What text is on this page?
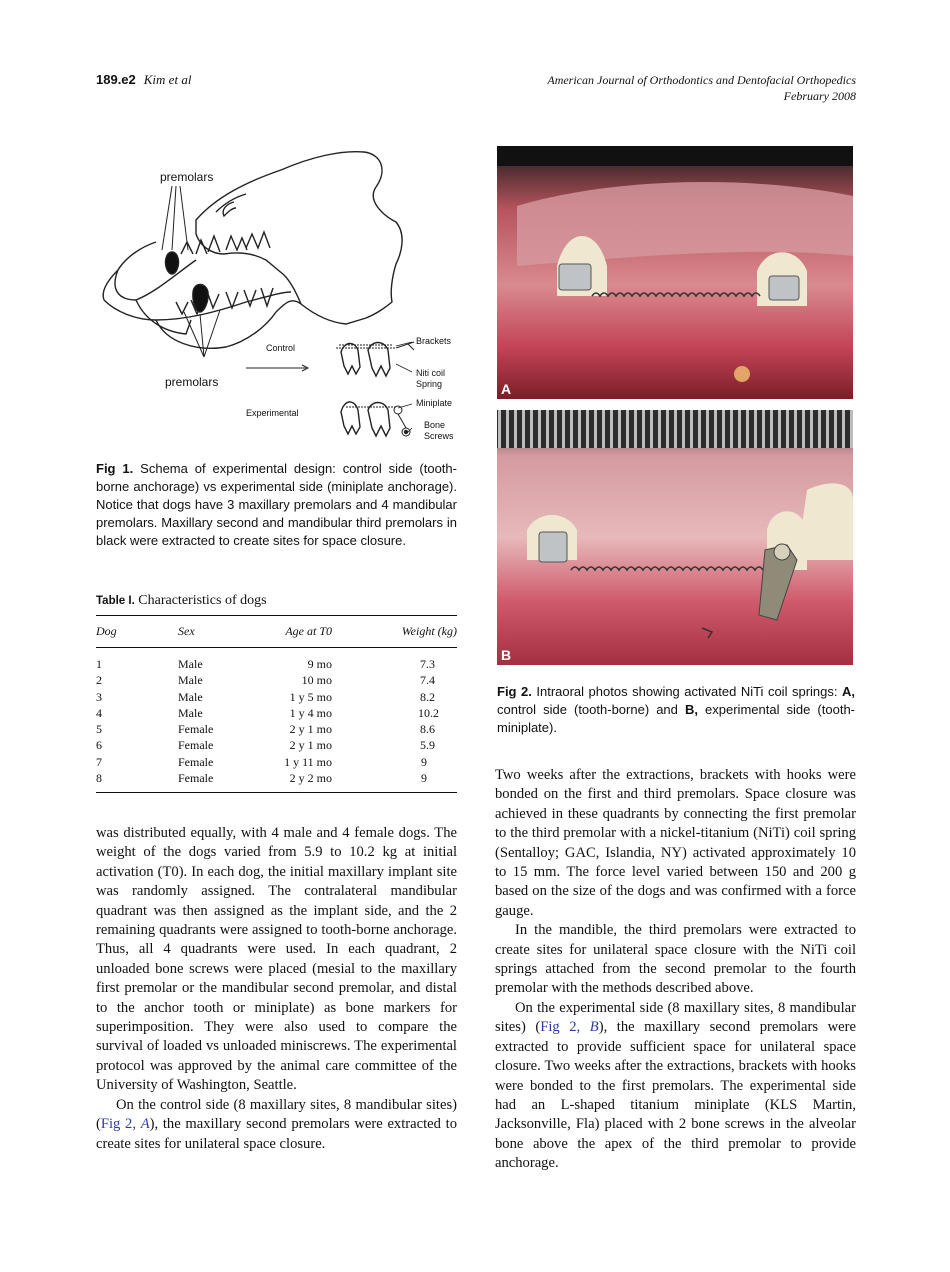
189.e2 Kim et al	American Journal of Orthodontics and Dentofacial Orthopedics
February 2008
premolars
premolars
Control
Experimental
Brackets
Niti coil
Spring
Miniplate
Bone
Screws
Fig 1. Schema of experimental design: control side (tooth-borne anchorage) vs experimental side (miniplate anchorage). Notice that dogs have 3 maxillary premolars and 4 mandibular premolars. Maxillary second and mandibular third premolars in black were extracted to create sites for space closure.
Table I. Characteristics of dogs
Dog	Sex	Age at T0	Weight (kg)
1	Male	9 mo	7.3
2	Male	10 mo	7.4
3	Male	1 y 5 mo	8.2
4	Male	1 y 4 mo	10.2
5	Female	2 y 1 mo	8.6
6	Female	2 y 1 mo	5.9
7	Female	1 y 11 mo	9
8	Female	2 y 2 mo	9

was distributed equally, with 4 male and 4 female dogs. The weight of the dogs varied from 5.9 to 10.2 kg at initial activation (T0). In each dog, the initial maxillary implant site was randomly assigned. The contralateral mandibular quadrant was then assigned as the implant side, and the 2 remaining quadrants were assigned to tooth-borne anchorage. Thus, all 4 quadrants were used. In each quadrant, 2 unloaded bone screws were placed (mesial to the maxillary first premolar or the mandibular second premolar, and distal to the anchor tooth or miniplate) as bone markers for superimposition. They were also used to compare the survival of loaded vs unloaded miniscrews. The experimental protocol was approved by the animal care committee of the University of Washington, Seattle.

On the control side (8 maxillary sites, 8 mandibular sites) (Fig 2, A), the maxillary second premolars were extracted to create sites for unilateral space closure.

A
B
Fig 2. Intraoral photos showing activated NiTi coil springs: A, control side (tooth-borne) and B, experimental side (tooth-miniplate).

Two weeks after the extractions, brackets with hooks were bonded on the first and third premolars. Space closure was achieved in these quadrants by connecting the first premolar to the third premolar with a nickel-titanium (NiTi) coil spring (Sentalloy; GAC, Islandia, NY) activated approximately 10 to 15 mm. The force level varied between 150 and 200 g based on the size of the dogs and was confirmed with a force gauge.

In the mandible, the third premolars were extracted to create sites for unilateral space closure with the NiTi coil springs attached from the second premolar to the fourth premolar with the methods described above.

On the experimental side (8 maxillary sites, 8 mandibular sites) (Fig 2, B), the maxillary second premolars were extracted to provide sufficient space for unilateral space closure. Two weeks after the extractions, brackets with hooks were bonded to the first premolars. The experimental side had an L-shaped titanium miniplate (KLS Martin, Jacksonville, Fla) placed with 2 bone screws in the alveolar bone above the apex of the third premolar to provide anchorage.
